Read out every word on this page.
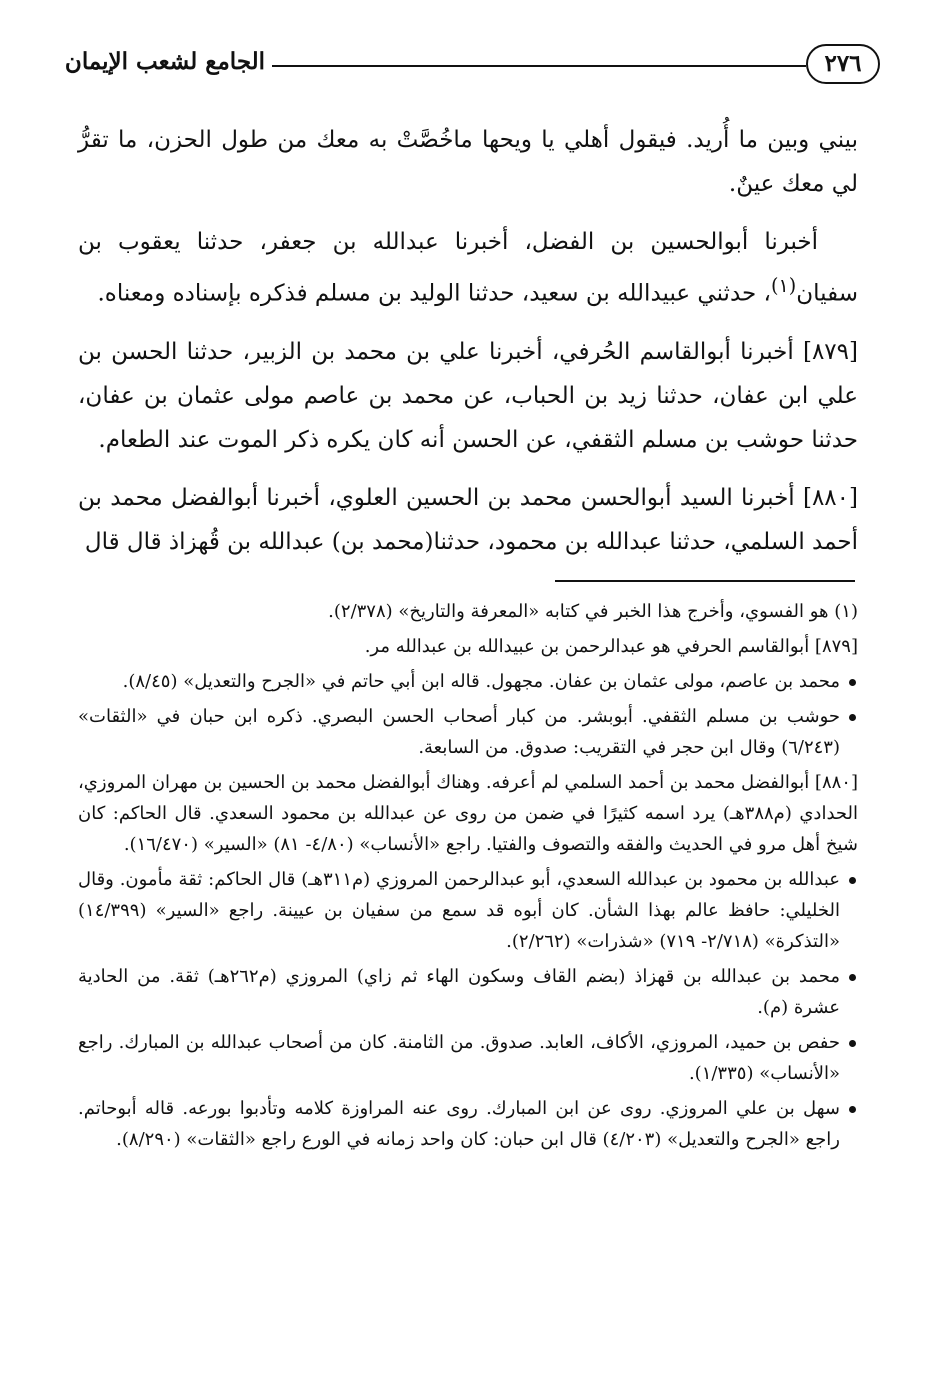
٢٧٦
الجامع لشعب الإيمان

بيني وبين ما أُريد. فيقول أهلي يا ويحها ماخُصَّتْ به معك من طول الحزن، ما تقرُّ لي معك عينٌ.

أخبرنا أبوالحسين بن الفضل، أخبرنا عبدالله بن جعفر، حدثنا يعقوب بن سفيان$^{(١)}$، حدثني عبيدالله بن سعيد، حدثنا الوليد بن مسلم فذكره بإسناده ومعناه.

[٨٧٩] أخبرنا أبوالقاسم الحُرفي، أخبرنا علي بن محمد بن الزبير، حدثنا الحسن بن علي ابن عفان، حدثنا زيد بن الحباب، عن محمد بن عاصم مولى عثمان بن عفان، حدثنا حوشب بن مسلم الثقفي، عن الحسن أنه كان يكره ذكر الموت عند الطعام.

[٨٨٠] أخبرنا السيد أبوالحسن محمد بن الحسين العلوي، أخبرنا أبوالفضل محمد بن أحمد السلمي، حدثنا عبدالله بن محمود، حدثنا(محمد بن) عبدالله بن قُهزاذ قال قال

(١) هو الفسوي، وأخرج هذا الخبر في كتابه «المعرفة والتاريخ» (٢/٣٧٨).

[٨٧٩] أبوالقاسم الحرفي هو عبدالرحمن بن عبيدالله بن عبدالله مر.

محمد بن عاصم، مولى عثمان بن عفان. مجهول. قاله ابن أبي حاتم في «الجرح والتعديل» (٨/٤٥).

حوشب بن مسلم الثقفي. أبوبشر. من كبار أصحاب الحسن البصري. ذكره ابن حبان في «الثقات» (٦/٢٤٣) وقال ابن حجر في التقريب: صدوق. من السابعة.

[٨٨٠] أبوالفضل محمد بن أحمد السلمي لم أعرفه. وهناك أبوالفضل محمد بن الحسين بن مهران المروزي، الحدادي (م٣٨٨هـ) يرد اسمه كثيرًا في ضمن من روى عن عبدالله بن محمود السعدي. قال الحاكم: كان شيخ أهل مرو في الحديث والفقه والتصوف والفتيا. راجع «الأنساب» (٤/٨٠- ٨١) «السير» (١٦/٤٧٠).

عبدالله بن محمود بن عبدالله السعدي، أبو عبدالرحمن المروزي (م٣١١هـ) قال الحاكم: ثقة مأمون. وقال الخليلي: حافظ عالم بهذا الشأن. كان أبوه قد سمع من سفيان بن عيينة. راجع «السير» (١٤/٣٩٩) «التذكرة» (٢/٧١٨- ٧١٩) «شذرات» (٢/٢٦٢).

محمد بن عبدالله بن قهزاذ (بضم القاف وسكون الهاء ثم زاي) المروزي (م٢٦٢هـ) ثقة. من الحادية عشرة (م).

حفص بن حميد، المروزي، الأكاف، العابد. صدوق. من الثامنة. كان من أصحاب عبدالله بن المبارك. راجع «الأنساب» (١/٣٣٥).

سهل بن علي المروزي. روى عن ابن المبارك. روى عنه المراوزة كلامه وتأدبوا بورعه. قاله أبوحاتم. راجع «الجرح والتعديل» (٤/٢٠٣) قال ابن حبان: كان واحد زمانه في الورع راجع «الثقات» (٨/٢٩٠).
